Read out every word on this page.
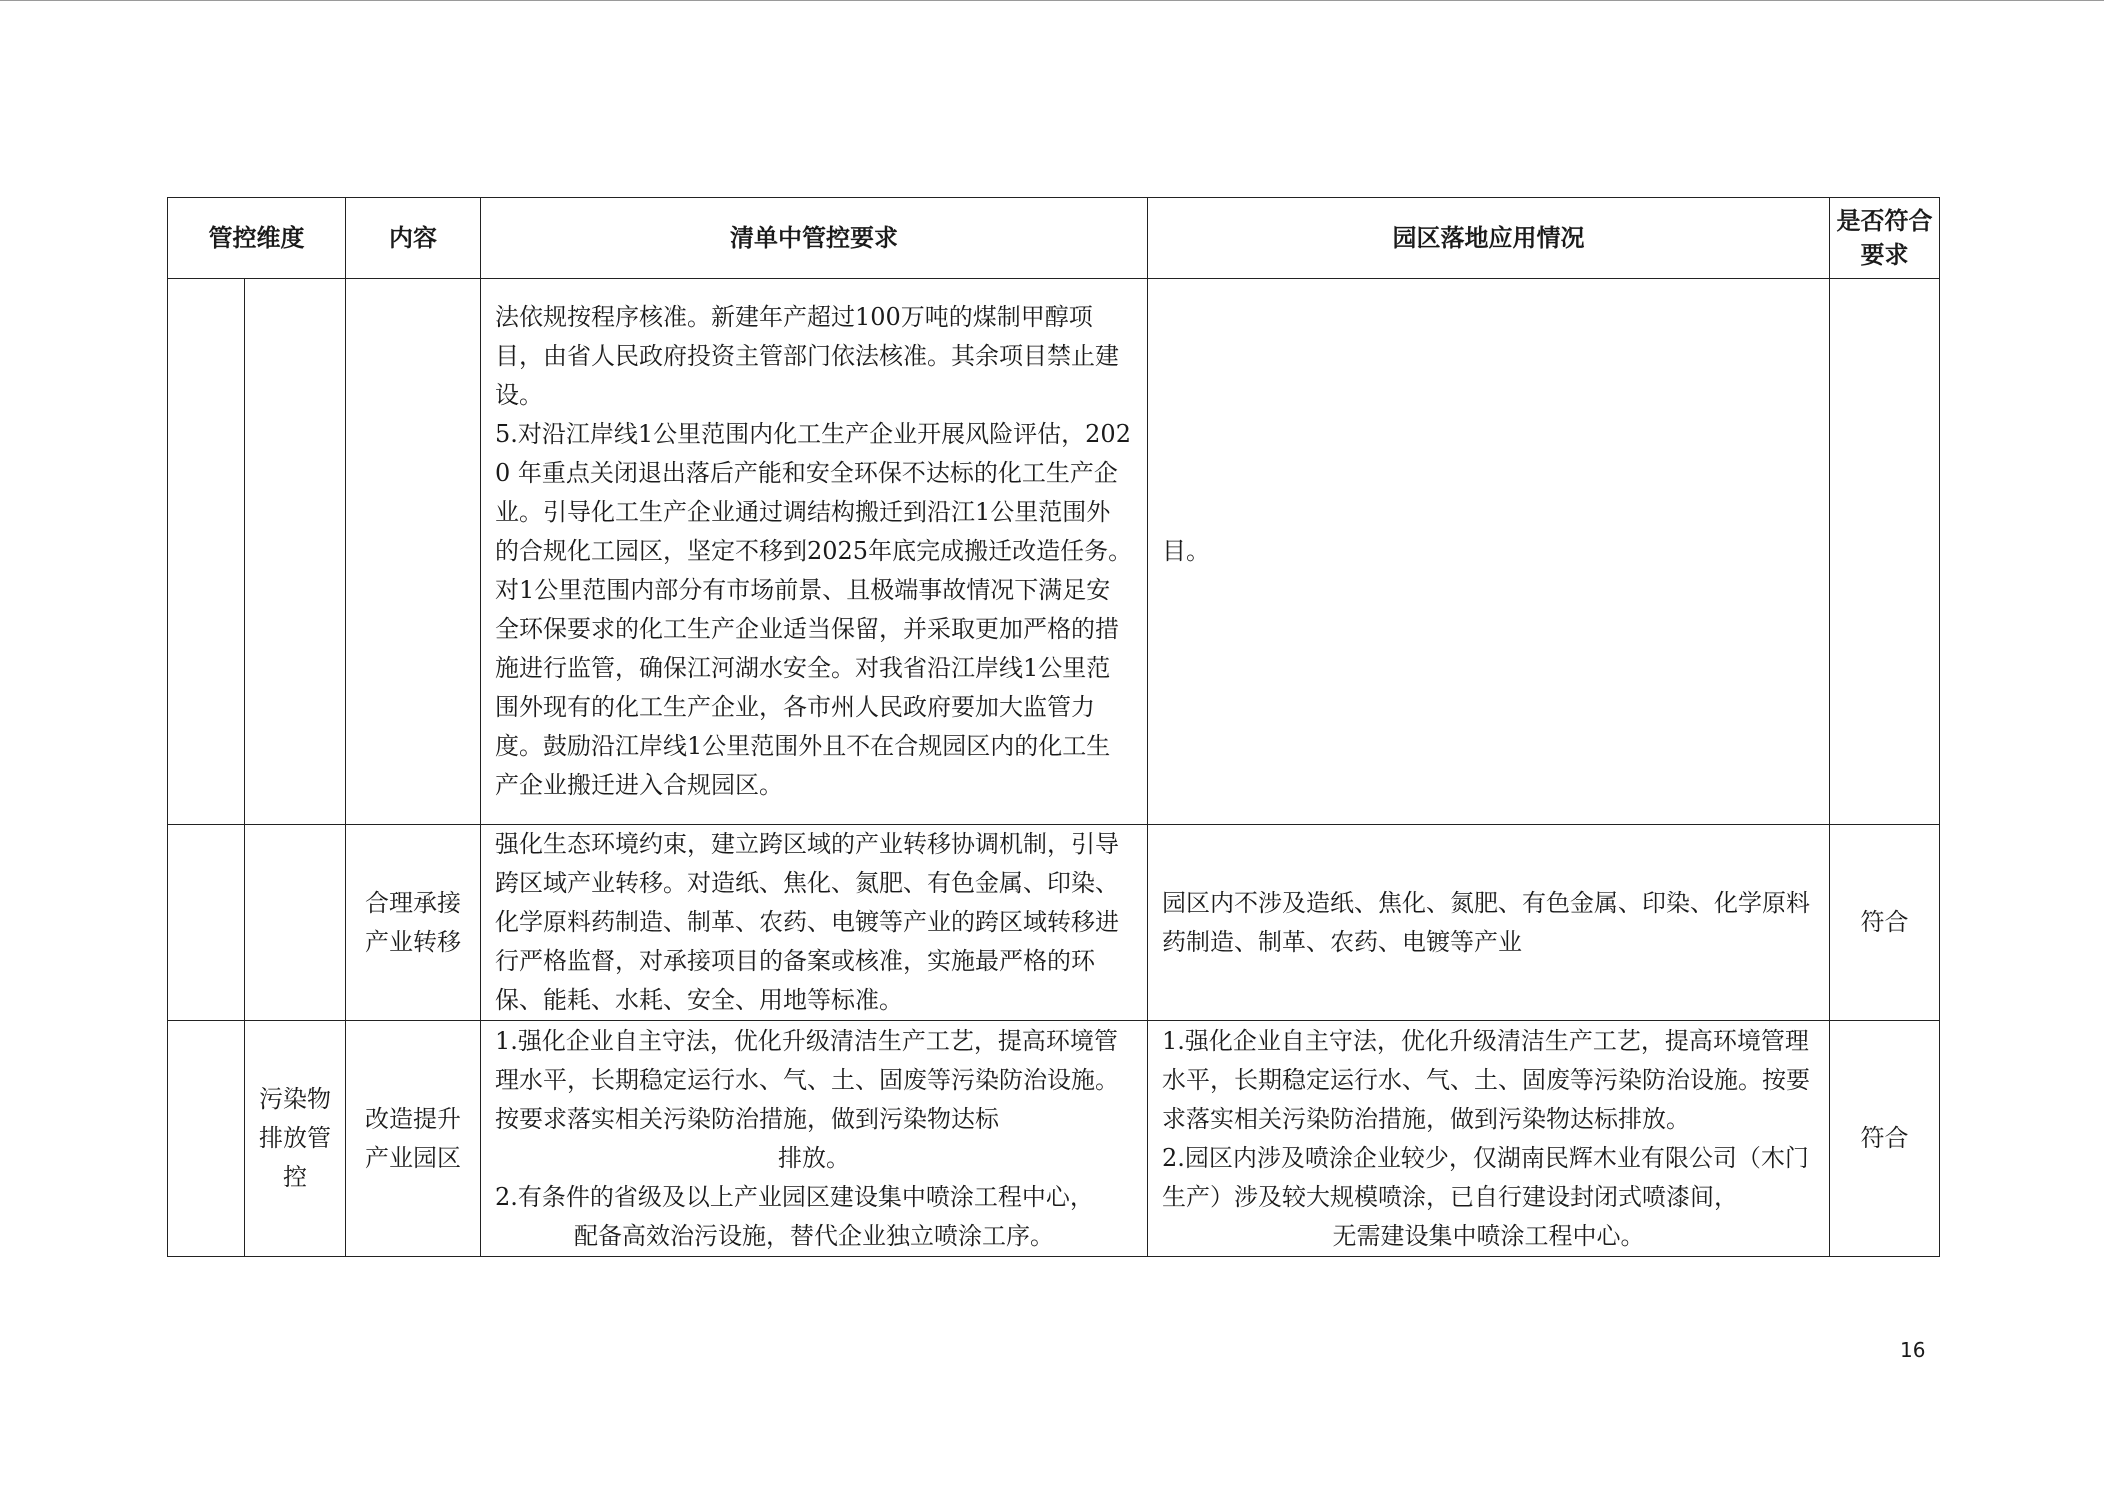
管控维度		内容	清单中管控要求	园区落地应用情况	是否符合要求

			法依规按程序核准。新建年产超过100万吨的煤制甲醇项目，由省人民政府投资主管部门依法核准。其余项目禁止建设。
5.对沿江岸线1公里范围内化工生产企业开展风险评估，2020 年重点关闭退出落后产能和安全环保不达标的化工生产企业。引导化工生产企业通过调结构搬迁到沿江1公里范围外的合规化工园区，坚定不移到2025年底完成搬迁改造任务。对1公里范围内部分有市场前景、且极端事故情况下满足安全环保要求的化工生产企业适当保留，并采取更加严格的措施进行监管，确保江河湖水安全。对我省沿江岸线1公里范围外现有的化工生产企业，各市州人民政府要加大监管力度。鼓励沿江岸线1公里范围外且不在合规园区内的化工生产企业搬迁进入合规园区。	目。	
		合理承接产业转移	强化生态环境约束，建立跨区域的产业转移协调机制，引导跨区域产业转移。对造纸、焦化、氮肥、有色金属、印染、化学原料药制造、制革、农药、电镀等产业的跨区域转移进行严格监督，对承接项目的备案或核准，实施最严格的环保、能耗、水耗、安全、用地等标准。	园区内不涉及造纸、焦化、氮肥、有色金属、印染、化学原料药制造、制革、农药、电镀等产业	符合
	污染物排放管控	改造提升产业园区	1.强化企业自主守法，优化升级清洁生产工艺，提高环境管理水平，长期稳定运行水、气、土、固废等污染防治设施。按要求落实相关污染防治措施，做到污染物达标
排放。
2.有条件的省级及以上产业园区建设集中喷涂工程中心，
配备高效治污设施，替代企业独立喷涂工序。	1.强化企业自主守法，优化升级清洁生产工艺，提高环境管理水平，长期稳定运行水、气、土、固废等污染防治设施。按要求落实相关污染防治措施，做到污染物达标排放。
2.园区内涉及喷涂企业较少，仅湖南民辉木业有限公司（木门生产）涉及较大规模喷涂，已自行建设封闭式喷漆间，
无需建设集中喷涂工程中心。	符合
16
